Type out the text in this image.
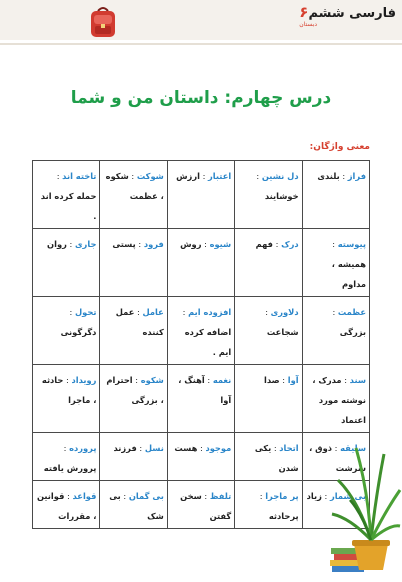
فارسی ششم۶
دبستان
درس چهارم: داستان من و شما
معنی واژگان:
فراز : بلندی	دل نشین : خوشایند	اعتبار : ارزش	شوکت : شکوه ، عظمت	تاخته اند : حمله کرده اند .
پیوسته : همیشه ، مداوم	درک : فهم	شیوه : روش	فرود : پستی	جاری : روان
عظمت : بزرگی	دلاوری : شجاعت	افزوده ایم : اضافه کرده ایم .	عامل : عمل کننده	تحول : دگرگونی
سند : مدرک ، نوشته مورد اعتماد	آوا : صدا	نغمه : آهنگ ، آوا	شکوه : احترام ، بزرگی	رویداد : حادثه ، ماجرا
سلیقه : ذوق ، سرشت	اتحاد : یکی شدن	موجود : هست	نسل : فرزند	پرورده : پرورش یافته
بی شمار : زیاد	پر ماجرا : پرحادثه	تلفظ : سخن گفتن	بی گمان : بی شک	قواعد : قوانین ، مقررات
